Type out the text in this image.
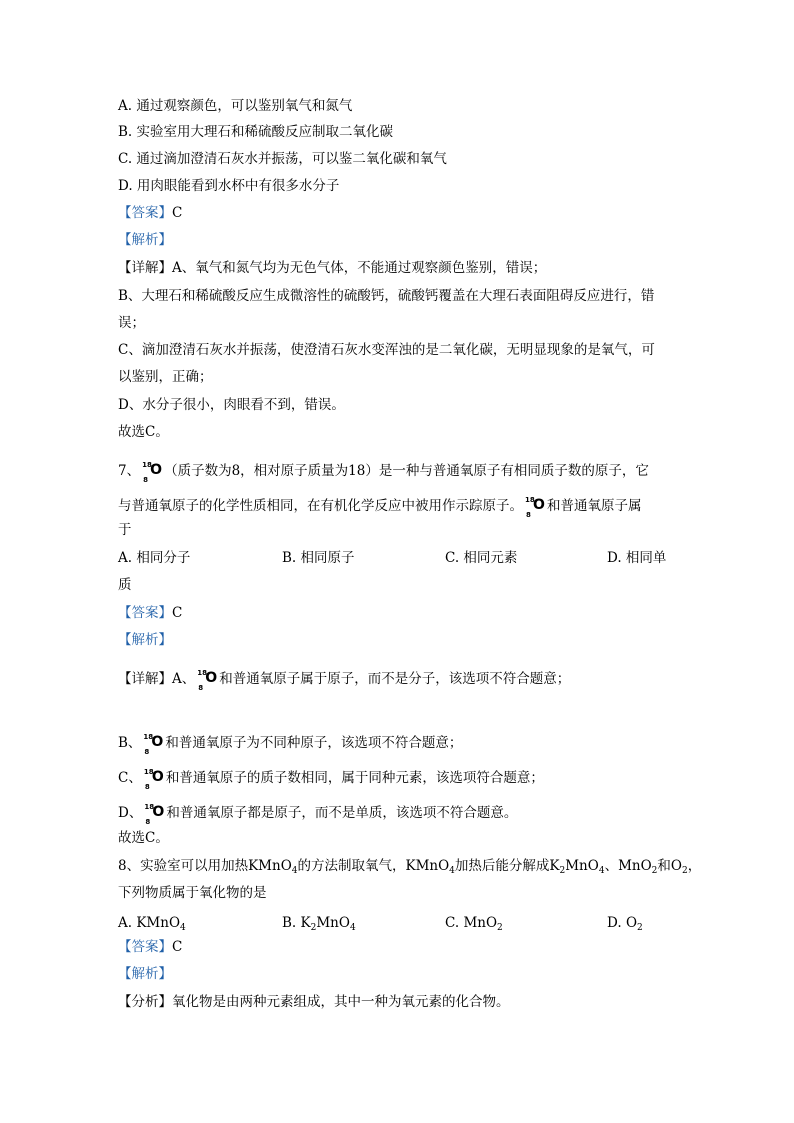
A. 通过观察颜色，可以鉴别氧气和氮气
B. 实验室用大理石和稀硫酸反应制取二氧化碳
C. 通过滴加澄清石灰水并振荡，可以鉴二氧化碳和氧气
D. 用肉眼能看到水杯中有很多水分子
【答案】C
【解析】
【详解】A、氧气和氮气均为无色气体，不能通过观察颜色鉴别，错误；
B、大理石和稀硫酸反应生成微溶性的硫酸钙，硫酸钙覆盖在大理石表面阻碍反应进行，错
误；
C、滴加澄清石灰水并振荡，使澄清石灰水变浑浊的是二氧化碳，无明显现象的是氧气，可
以鉴别，正确；
D、水分子很小，肉眼看不到，错误。
故选C。
7、 18
8
O （质子数为8，相对原子质量为18）是一种与普通氧原子有相同质子数的原子，它
与普通氧原子的化学性质相同，在有机化学反应中被用作示踪原子。 18
8
O 和普通氧原子属
于
A. 相同分子	B. 相同原子	C. 相同元素	D. 相同单
质
【答案】C
【解析】
【详解】A、 18
8
O 和普通氧原子属于原子，而不是分子，该选项不符合题意；
B、 18
8
O 和普通氧原子为不同种原子，该选项不符合题意；
C、 18
8
O 和普通氧原子的质子数相同，属于同种元素，该选项符合题意；
D、 18
8
O 和普通氧原子都是原子，而不是单质，该选项不符合题意。
故选C。
8、实验室可以用加热KMnO$_4$的方法制取氧气，KMnO$_4$加热后能分解成$K_2MnO_4$、MnO$_2$和$O_2$，
下列物质属于氧化物的是
A. KMnO$_4$	B. $K_2MnO_4$	C. MnO$_2$	D. $O_2$
【答案】C
【解析】
【分析】氧化物是由两种元素组成，其中一种为氧元素的化合物。
